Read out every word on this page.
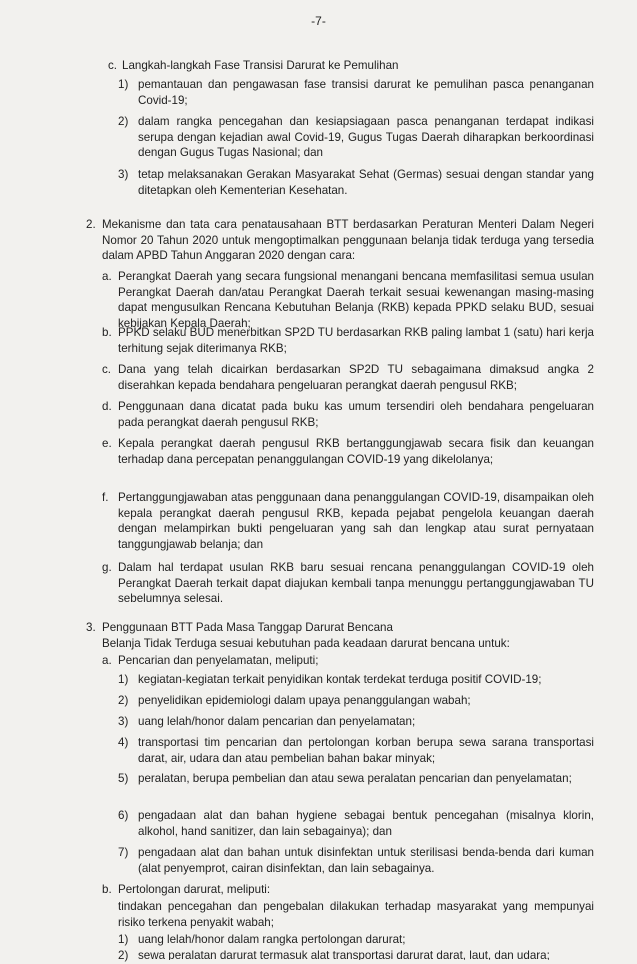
-7-
c. Langkah-langkah Fase Transisi Darurat ke Pemulihan
1) pemantauan dan pengawasan fase transisi darurat ke pemulihan pasca penanganan Covid-19;
2) dalam rangka pencegahan dan kesiapsiagaan pasca penanganan terdapat indikasi serupa dengan kejadian awal Covid-19, Gugus Tugas Daerah diharapkan berkoordinasi dengan Gugus Tugas Nasional; dan
3) tetap melaksanakan Gerakan Masyarakat Sehat (Germas) sesuai dengan standar yang ditetapkan oleh Kementerian Kesehatan.
2. Mekanisme dan tata cara penatausahaan BTT berdasarkan Peraturan Menteri Dalam Negeri Nomor 20 Tahun 2020 untuk mengoptimalkan penggunaan belanja tidak terduga yang tersedia dalam APBD Tahun Anggaran 2020 dengan cara:
a. Perangkat Daerah yang secara fungsional menangani bencana memfasilitasi semua usulan Perangkat Daerah dan/atau Perangkat Daerah terkait sesuai kewenangan masing-masing dapat mengusulkan Rencana Kebutuhan Belanja (RKB) kepada PPKD selaku BUD, sesuai kebijakan Kepala Daerah;
b. PPKD selaku BUD menerbitkan SP2D TU berdasarkan RKB paling lambat 1 (satu) hari kerja terhitung sejak diterimanya RKB;
c. Dana yang telah dicairkan berdasarkan SP2D TU sebagaimana dimaksud angka 2 diserahkan kepada bendahara pengeluaran perangkat daerah pengusul RKB;
d. Penggunaan dana dicatat pada buku kas umum tersendiri oleh bendahara pengeluaran pada perangkat daerah pengusul RKB;
e. Kepala perangkat daerah pengusul RKB bertanggungjawab secara fisik dan keuangan terhadap dana percepatan penanggulangan COVID-19 yang dikelolanya;
f. Pertanggungjawaban atas penggunaan dana penanggulangan COVID-19, disampaikan oleh kepala perangkat daerah pengusul RKB, kepada pejabat pengelola keuangan daerah dengan melampirkan bukti pengeluaran yang sah dan lengkap atau surat pernyataan tanggungjawab belanja; dan
g. Dalam hal terdapat usulan RKB baru sesuai rencana penanggulangan COVID-19 oleh Perangkat Daerah terkait dapat diajukan kembali tanpa menunggu pertanggungjawaban TU sebelumnya selesai.
3. Penggunaan BTT Pada Masa Tanggap Darurat Bencana
Belanja Tidak Terduga sesuai kebutuhan pada keadaan darurat bencana untuk:
a. Pencarian dan penyelamatan, meliputi;
1) kegiatan-kegiatan terkait penyidikan kontak terdekat terduga positif COVID-19;
2) penyelidikan epidemiologi dalam upaya penanggulangan wabah;
3) uang lelah/honor dalam pencarian dan penyelamatan;
4) transportasi tim pencarian dan pertolongan korban berupa sewa sarana transportasi darat, air, udara dan atau pembelian bahan bakar minyak;
5) peralatan, berupa pembelian dan atau sewa peralatan pencarian dan penyelamatan;
6) pengadaan alat dan bahan hygiene sebagai bentuk pencegahan (misalnya klorin, alkohol, hand sanitizer, dan lain sebagainya); dan
7) pengadaan alat dan bahan untuk disinfektan untuk sterilisasi benda-benda dari kuman (alat penyemprot, cairan disinfektan, dan lain sebagainya.
b. Pertolongan darurat, meliputi:
tindakan pencegahan dan pengebalan dilakukan terhadap masyarakat yang mempunyai risiko terkena penyakit wabah;
1) uang lelah/honor dalam rangka pertolongan darurat;
2) sewa peralatan darurat termasuk alat transportasi darurat darat, laut, dan udara;
